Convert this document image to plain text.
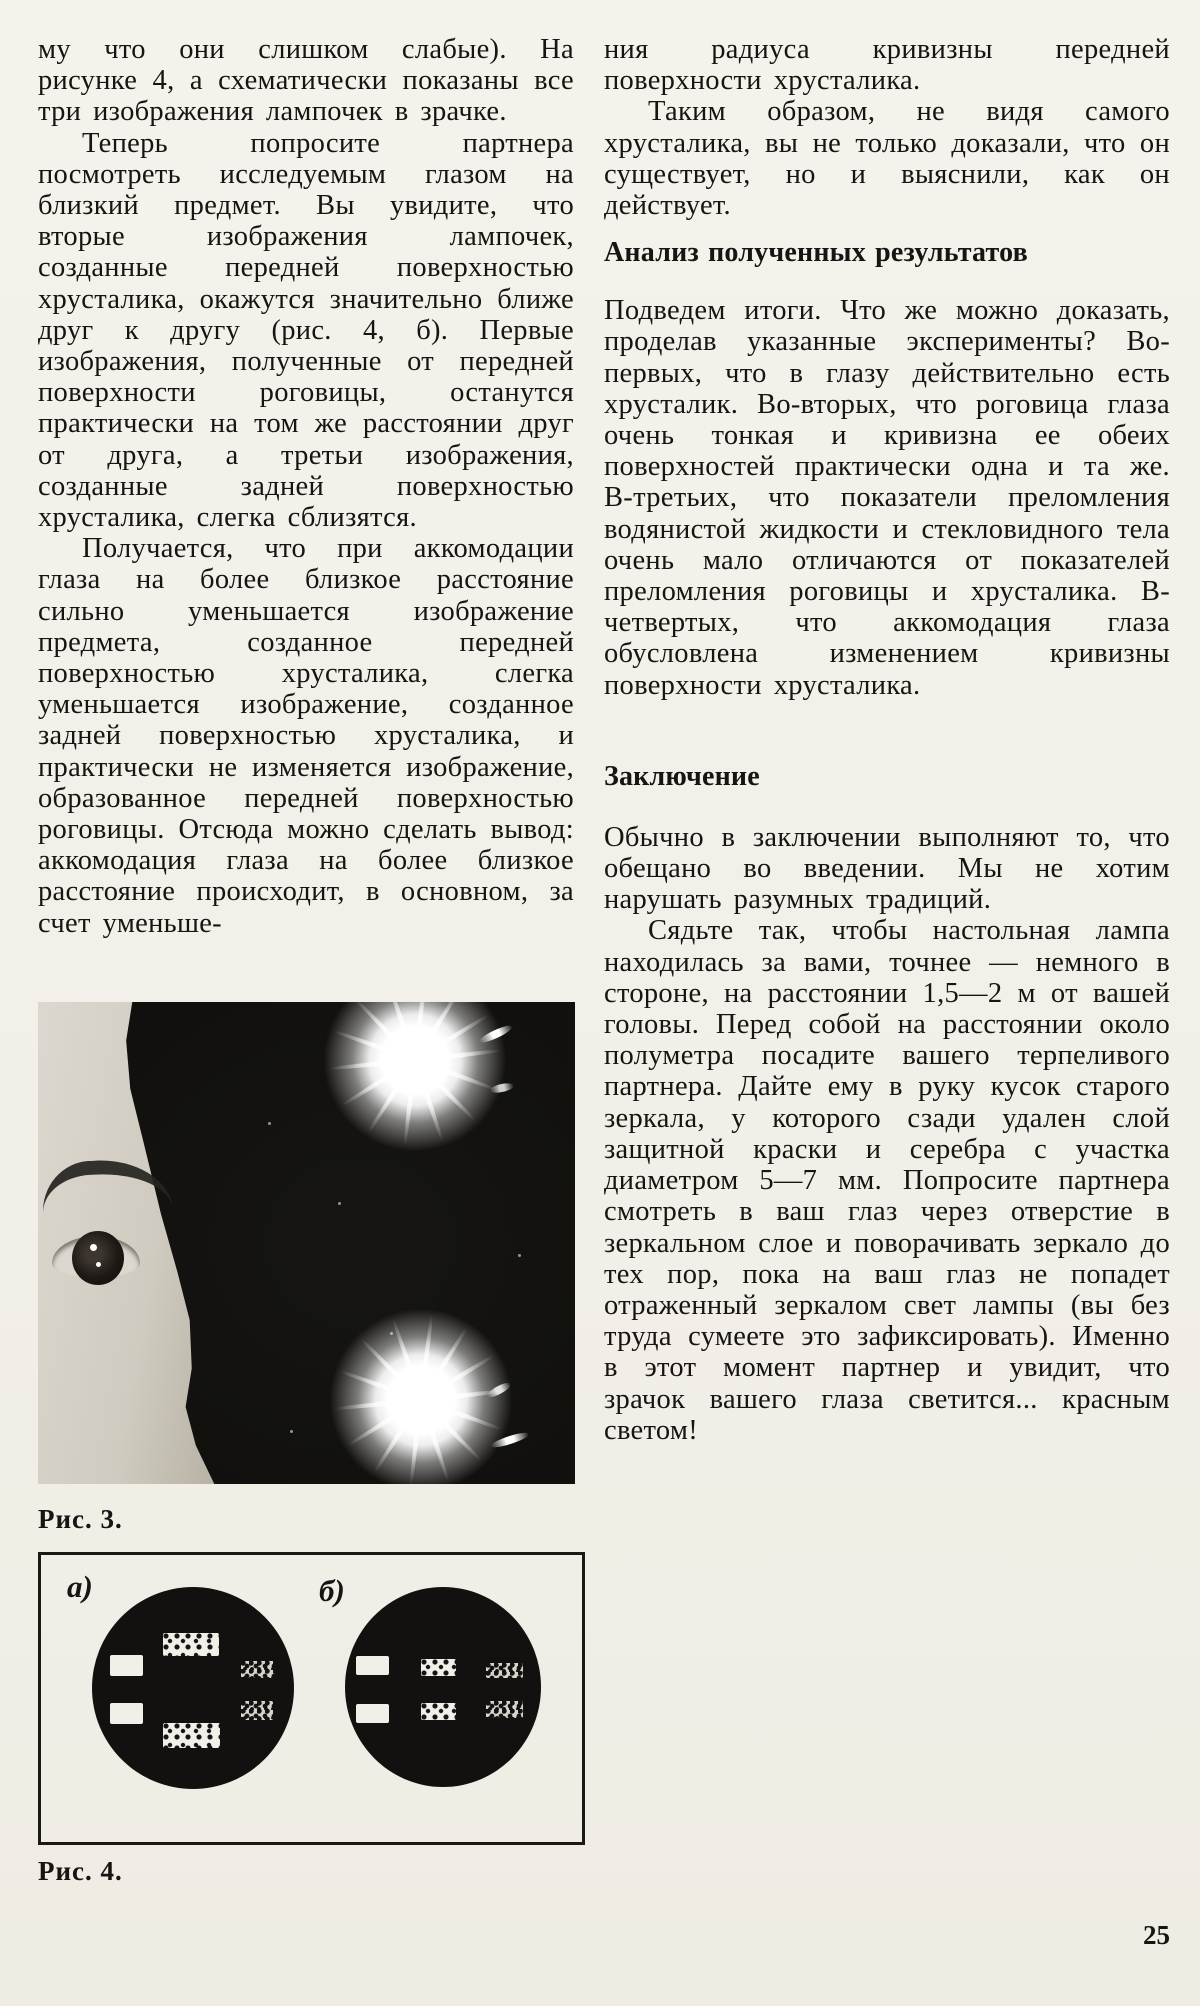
му что они слишком слабые). На рисунке 4, а схематически показаны все три изображения лампочек в зрачке.

Теперь попросите партнера посмотреть исследуемым глазом на близкий предмет. Вы увидите, что вторые изображения лампочек, созданные передней поверхностью хрусталика, окажутся значительно ближе друг к другу (рис. 4, б). Первые изображения, полученные от передней поверхности роговицы, останутся практически на том же расстоянии друг от друга, а третьи изображения, созданные задней поверхностью хрусталика, слегка сблизятся.

Получается, что при аккомодации глаза на более близкое расстояние сильно уменьшается изображение предмета, созданное передней поверхностью хрусталика, слегка уменьшается изображение, созданное задней поверхностью хрусталика, и практически не изменяется изображение, образованное передней поверхностью роговицы. Отсюда можно сделать вывод: аккомодация глаза на более близкое расстояние происходит, в основном, за счет уменьше-

ния радиуса кривизны передней поверхности хрусталика.

Таким образом, не видя самого хрусталика, вы не только доказали, что он существует, но и выяснили, как он действует.

Анализ полученных результатов

Подведем итоги. Что же можно доказать, проделав указанные эксперименты? Во-первых, что в глазу действительно есть хрусталик. Во-вторых, что роговица глаза очень тонкая и кривизна ее обеих поверхностей практически одна и та же. В-третьих, что показатели преломления водянистой жидкости и стекловидного тела очень мало отличаются от показателей преломления роговицы и хрусталика. В-четвертых, что аккомодация глаза обусловлена изменением кривизны поверхности хрусталика.

Заключение

Обычно в заключении выполняют то, что обещано во введении. Мы не хотим нарушать разумных традиций.

Сядьте так, чтобы настольная лампа находилась за вами, точнее — немного в стороне, на расстоянии 1,5—2 м от вашей головы. Перед собой на расстоянии около полуметра посадите вашего терпеливого партнера. Дайте ему в руку кусок старого зеркала, у которого сзади удален слой защитной краски и серебра с участка диаметром 5—7 мм. Попросите партнера смотреть в ваш глаз через отверстие в зеркальном слое и поворачивать зеркало до тех пор, пока на ваш глаз не попадет отраженный зеркалом свет лампы (вы без труда сумеете это зафиксировать). Именно в этот момент партнер и увидит, что зрачок вашего глаза светится... красным светом!

Рис. 3.
а)	б)
Рис. 4.
25
